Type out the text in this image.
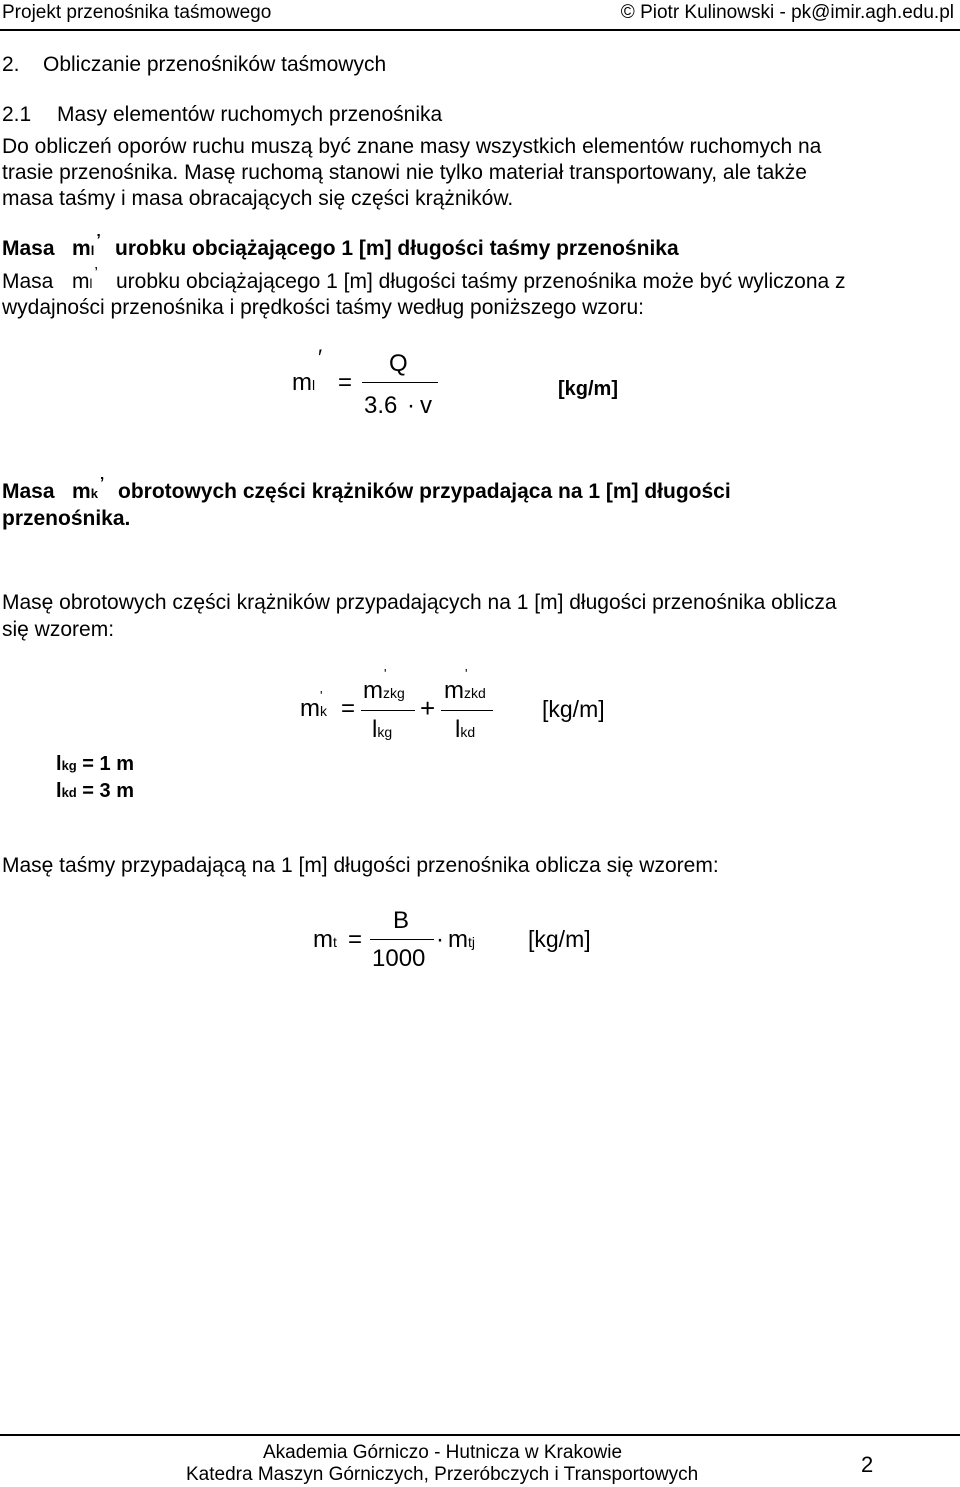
Projekt przenośnika taśmowego	© Piotr Kulinowski - pk@imir.agh.edu.pl
2. Obliczanie przenośników taśmowych
2.1 Masy elementów ruchomych przenośnika
Do obliczeń oporów ruchu muszą być znane masy wszystkich elementów ruchomych na
trasie przenośnika. Masę ruchomą stanowi nie tylko materiał transportowany, ale także
masa taśmy i masa obracających się części krążników.
Masa ml’ urobku obciążającego 1 [m] długości taśmy przenośnika
Masa ml’ urobku obciążającego 1 [m] długości taśmy przenośnika może być wyliczona z
wydajności przenośnika i prędkości taśmy według poniższego wzoru:
ml
′
=
Q
3.6 · v
[kg/m]
Masa mk’ obrotowych części krążników przypadająca na 1 [m] długości
przenośnika.
Masę obrotowych części krążników przypadających na 1 [m] długości przenośnika oblicza
się wzorem:
mk
' =
mzkg
'
lkg
+
mzkd
'
lkd
[kg/m]
lkg = 1 m
lkd = 3 m
Masę taśmy przypadającą na 1 [m] długości przenośnika oblicza się wzorem:
mt =
B
1000
· mtj [kg/m]
Akademia Górniczo - Hutnicza w Krakowie
Katedra Maszyn Górniczych, Przeróbczych i Transportowych	2
